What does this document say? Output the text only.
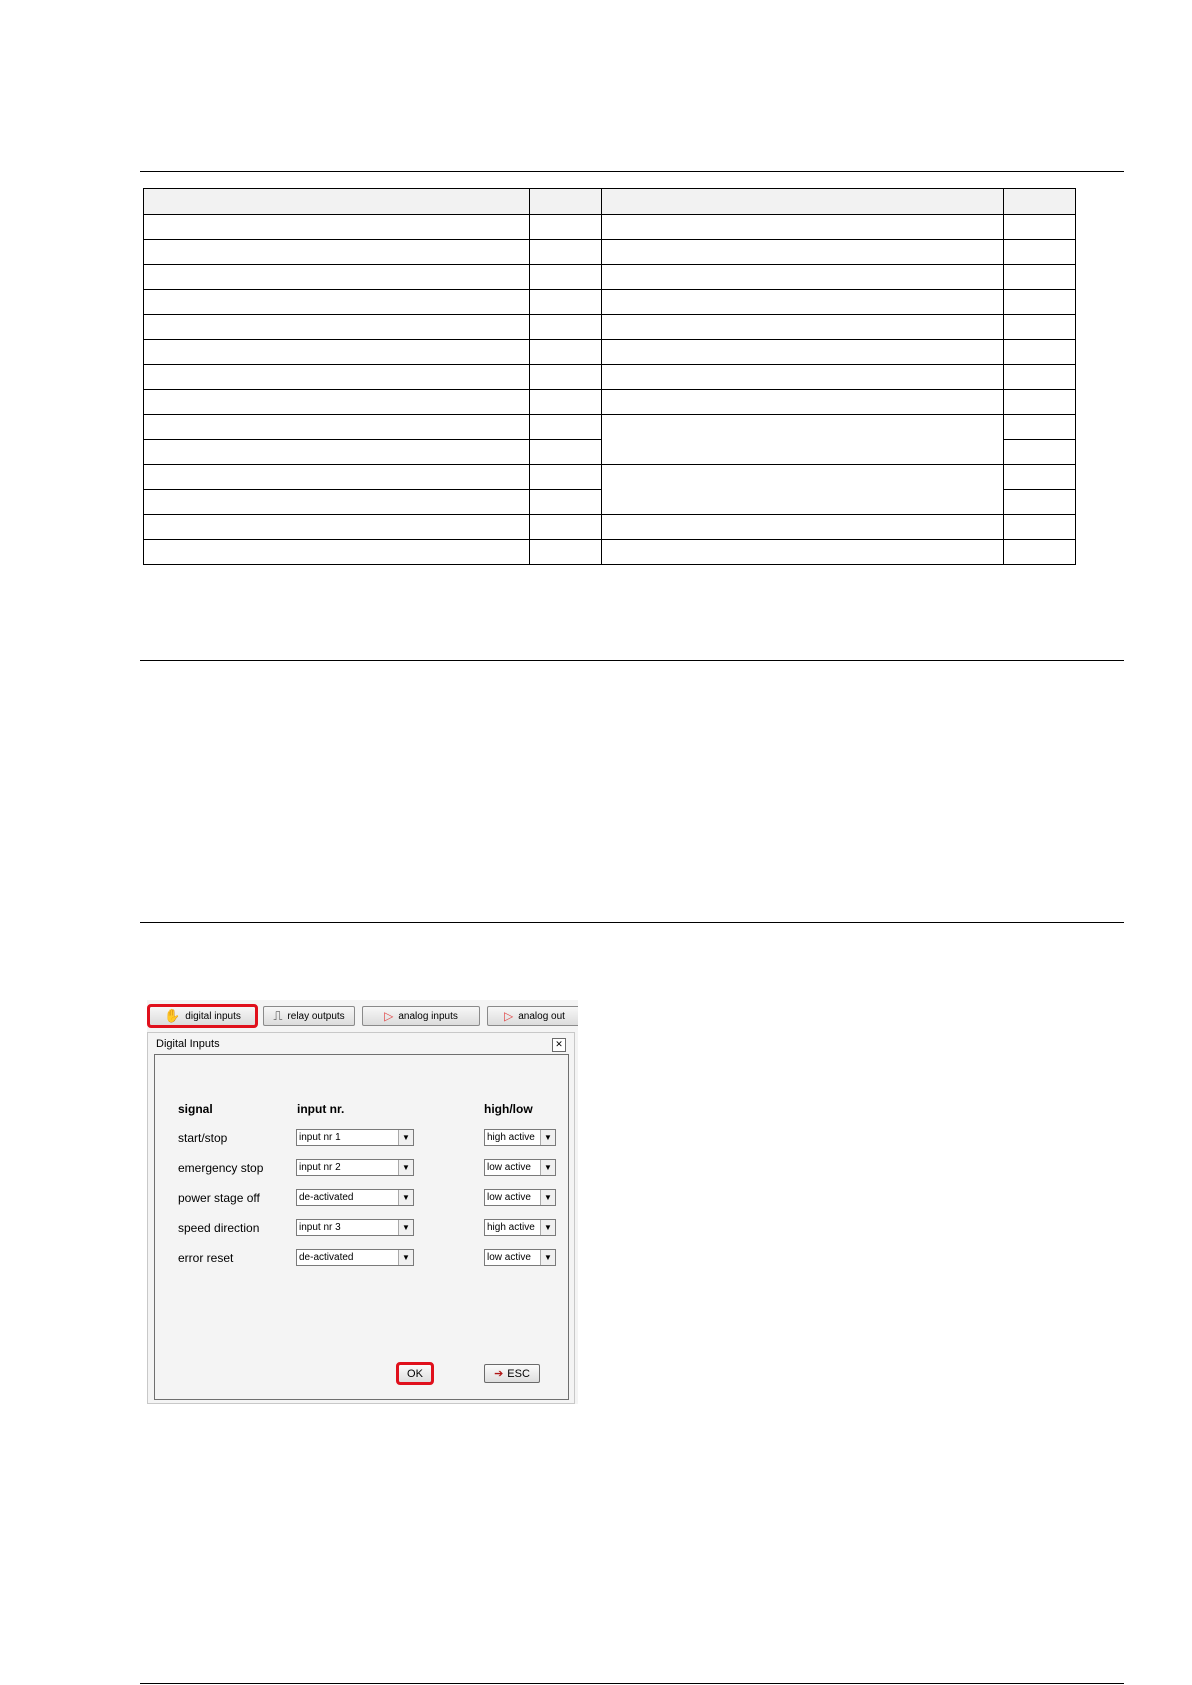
✋ digital inputs ⎍ relay outputs	▷ analog inputs	▷ analog out
Digital Inputs	✕
signal	input nr.	high/low
start/stop	input nr 1	▼	high active	▼
emergency stop	input nr 2	▼	low active	▼
power stage off	de-activated	▼	low active	▼
speed direction	input nr 3	▼	high active	▼
error reset	de-activated	▼	low active	▼
OK	➔ ESC
